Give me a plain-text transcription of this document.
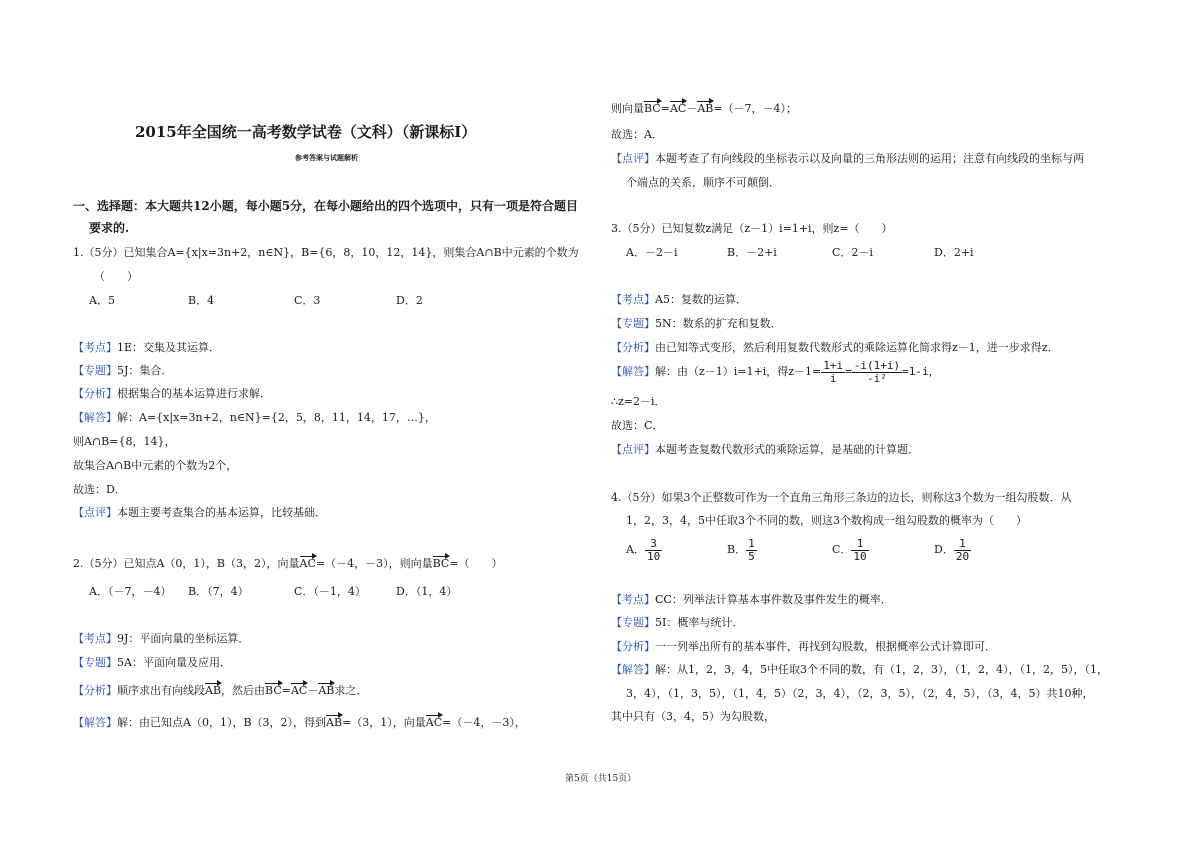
2015年全国统一高考数学试卷（文科）（新课标Ⅰ）
参考答案与试题解析
一、选择题：本大题共12小题，每小题5分，在每小题给出的四个选项中，只有一项是符合题目
要求的.
1.（5分）已知集合A={x|x=3n+2，n∈N}，B={6，8，10，12，14}，则集合A∩B中元素的个数为
（　　）
A．5	B．4	C．3	D．2
【考点】1E：交集及其运算．
【专题】5J：集合．
【分析】根据集合的基本运算进行求解．
【解答】解：A={x|x=3n+2，n∈N}={2，5，8，11，14，17，…}，
则A∩B={8，14}，
故集合A∩B中元素的个数为2个，
故选：D．
【点评】本题主要考查集合的基本运算，比较基础．
2.（5分）已知点A（0，1），B（3，2），向量AC=（－4，－3），则向量BC=（　　）
A．（－7，－4） B．（7，4）	C．（－1，4）	D．（1，4）
【考点】9J：平面向量的坐标运算．
【专题】5A：平面向量及应用．
【分析】顺序求出有向线段AB，然后由BC=AC－AB求之．
【解答】解：由已知点A（0，1），B（3，2），得到AB=（3，1），向量AC=（－4，－3），
则向量BC=AC－AB=（－7，－4）；
故选：A．
【点评】本题考查了有向线段的坐标表示以及向量的三角形法则的运用；注意有向线段的坐标与两
个端点的关系，顺序不可颠倒．
3.（5分）已知复数z满足（z－1）i=1+i，则z=（　　）
A．－2－i	B．－2+i	C．2－i	D．2+i
【考点】A5：复数的运算．
【专题】5N：数系的扩充和复数．
【分析】由已知等式变形，然后利用复数代数形式的乘除运算化简求得z－1，进一步求得z．
【解答】解：由（z－1）i=1+i，得$z-1= \frac{1+i}{i} = \frac{-i(1+i)}{\text{-i²}} =1-i$，
∴z=2－i．
故选：C．
【点评】本题考查复数代数形式的乘除运算，是基础的计算题．
4.（5分）如果3个正整数可作为一个直角三角形三条边的边长，则称这3个数为一组勾股数．从
1，2，3，4，5中任取3个不同的数，则这3个数构成一组勾股数的概率为（　　）
A． $\frac{3}{10}$	B． $\frac{1}{5}$	C． $\frac{1}{10}$	D． $\frac{1}{20}$
【考点】CC：列举法计算基本事件数及事件发生的概率．
【专题】5I：概率与统计．
【分析】一一列举出所有的基本事件，再找到勾股数，根据概率公式计算即可．
【解答】解：从1，2，3，4，5中任取3个不同的数，有（1，2，3），（1，2，4），（1，2，5），（1，
3，4），（1，3，5），（1，4，5）（2，3，4），（2，3，5），（2，4，5），（3，4，5）共10种，
其中只有（3，4，5）为勾股数，
第5页（共15页）
